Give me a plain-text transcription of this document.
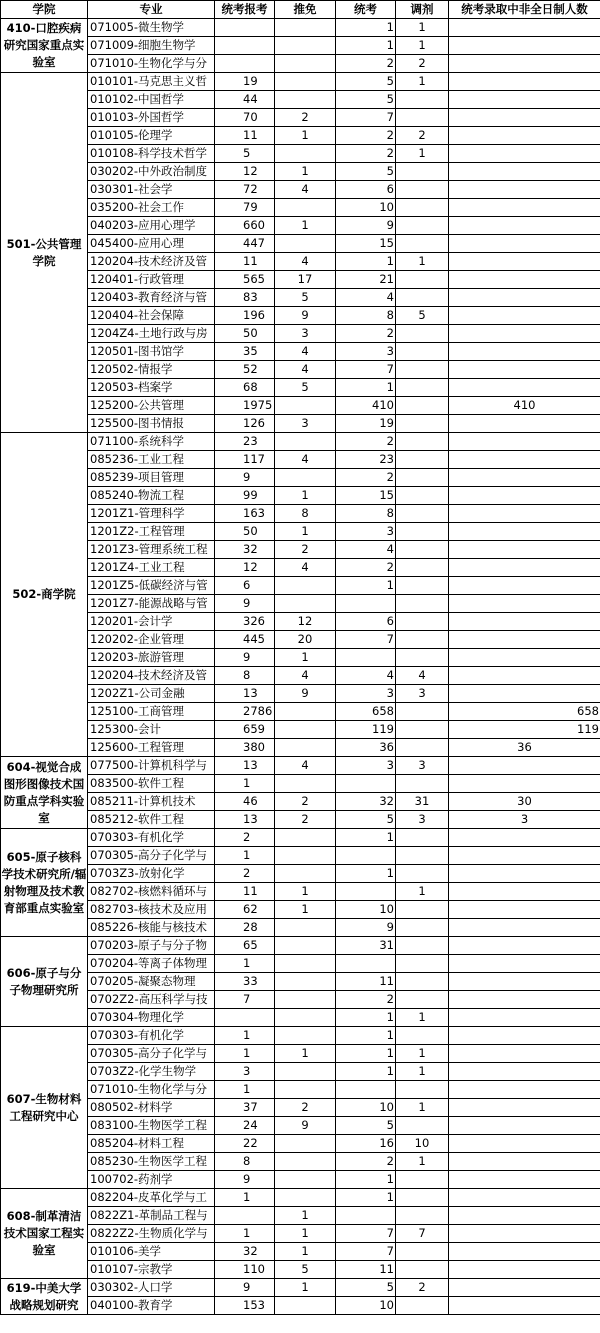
学院	专业	统考报考	推免	统考	调剂	统考录取中非全日制人数
410-口腔疾病研究国家重点实验室	071005-微生物学			1	1	
	071009-细胞生物学			1	1	
	071010-生物化学与分			2	2	
501-公共管理学院	010101-马克思主义哲	19		5	1	
	010102-中国哲学	44		5		
	010103-外国哲学	70	2	7		
	010105-伦理学	11	1	2	2	
	010108-科学技术哲学	5		2	1	
	030202-中外政治制度	12	1	5		
	030301-社会学	72	4	6		
	035200-社会工作	79		10		
	040203-应用心理学	660	1	9		
	045400-应用心理	447		15		
	120204-技术经济及管	11	4	1	1	
	120401-行政管理	565	17	21		
	120403-教育经济与管	83	5	4		
	120404-社会保障	196	9	8	5	
	1204Z4-土地行政与房	50	3	2		
	120501-图书馆学	35	4	3		
	120502-情报学	52	4	7		
	120503-档案学	68	5	1		
	125200-公共管理	1975		410		410
	125500-图书情报	126	3	19		
502-商学院	071100-系统科学	23		2		
	085236-工业工程	117	4	23		
	085239-项目管理	9		2		
	085240-物流工程	99	1	15		
	1201Z1-管理科学	163	8	8		
	1201Z2-工程管理	50	1	3		
	1201Z3-管理系统工程	32	2	4		
	1201Z4-工业工程	12	4	2		
	1201Z5-低碳经济与管	6		1		
	1201Z7-能源战略与管	9				
	120201-会计学	326	12	6		
	120202-企业管理	445	20	7		
	120203-旅游管理	9	1			
	120204-技术经济及管	8	4	4	4	
	1202Z1-公司金融	13	9	3	3	
	125100-工商管理	2786		658		658
	125300-会计	659		119		119
	125600-工程管理	380		36		36
604-视觉合成图形图像技术国防重点学科实验室	077500-计算机科学与	13	4	3	3	
	083500-软件工程	1				
	085211-计算机技术	46	2	32	31	30
	085212-软件工程	13	2	5	3	3
605-原子核科学技术研究所/辐射物理及技术教育部重点实验室	070303-有机化学	2		1		
	070305-高分子化学与	1				
	0703Z3-放射化学	2		1		
	082702-核燃料循环与	11	1		1	
	082703-核技术及应用	62	1	10		
	085226-核能与核技术	28		9		
606-原子与分子物理研究所	070203-原子与分子物	65		31		
	070204-等离子体物理	1				
	070205-凝聚态物理	33		11		
	0702Z2-高压科学与技	7		2		
	070304-物理化学			1	1	
607-生物材料工程研究中心	070303-有机化学	1		1		
	070305-高分子化学与	1	1	1	1	
	0703Z2-化学生物学	3		1	1	
	071010-生物化学与分	1				
	080502-材料学	37	2	10	1	
	083100-生物医学工程	24	9	5		
	085204-材料工程	22		16	10	
	085230-生物医学工程	8		2	1	
	100702-药剂学	9		1		
608-制革清洁技术国家工程实验室	082204-皮革化学与工	1		1		
	0822Z1-革制品工程与		1			
	0822Z2-生物质化学与	1	1	7	7	
	010106-美学	32	1	7		
	010107-宗教学	110	5	11		
619-中美大学战略规划研究	030302-人口学	9	1	5	2	
	040100-教育学	153		10		
